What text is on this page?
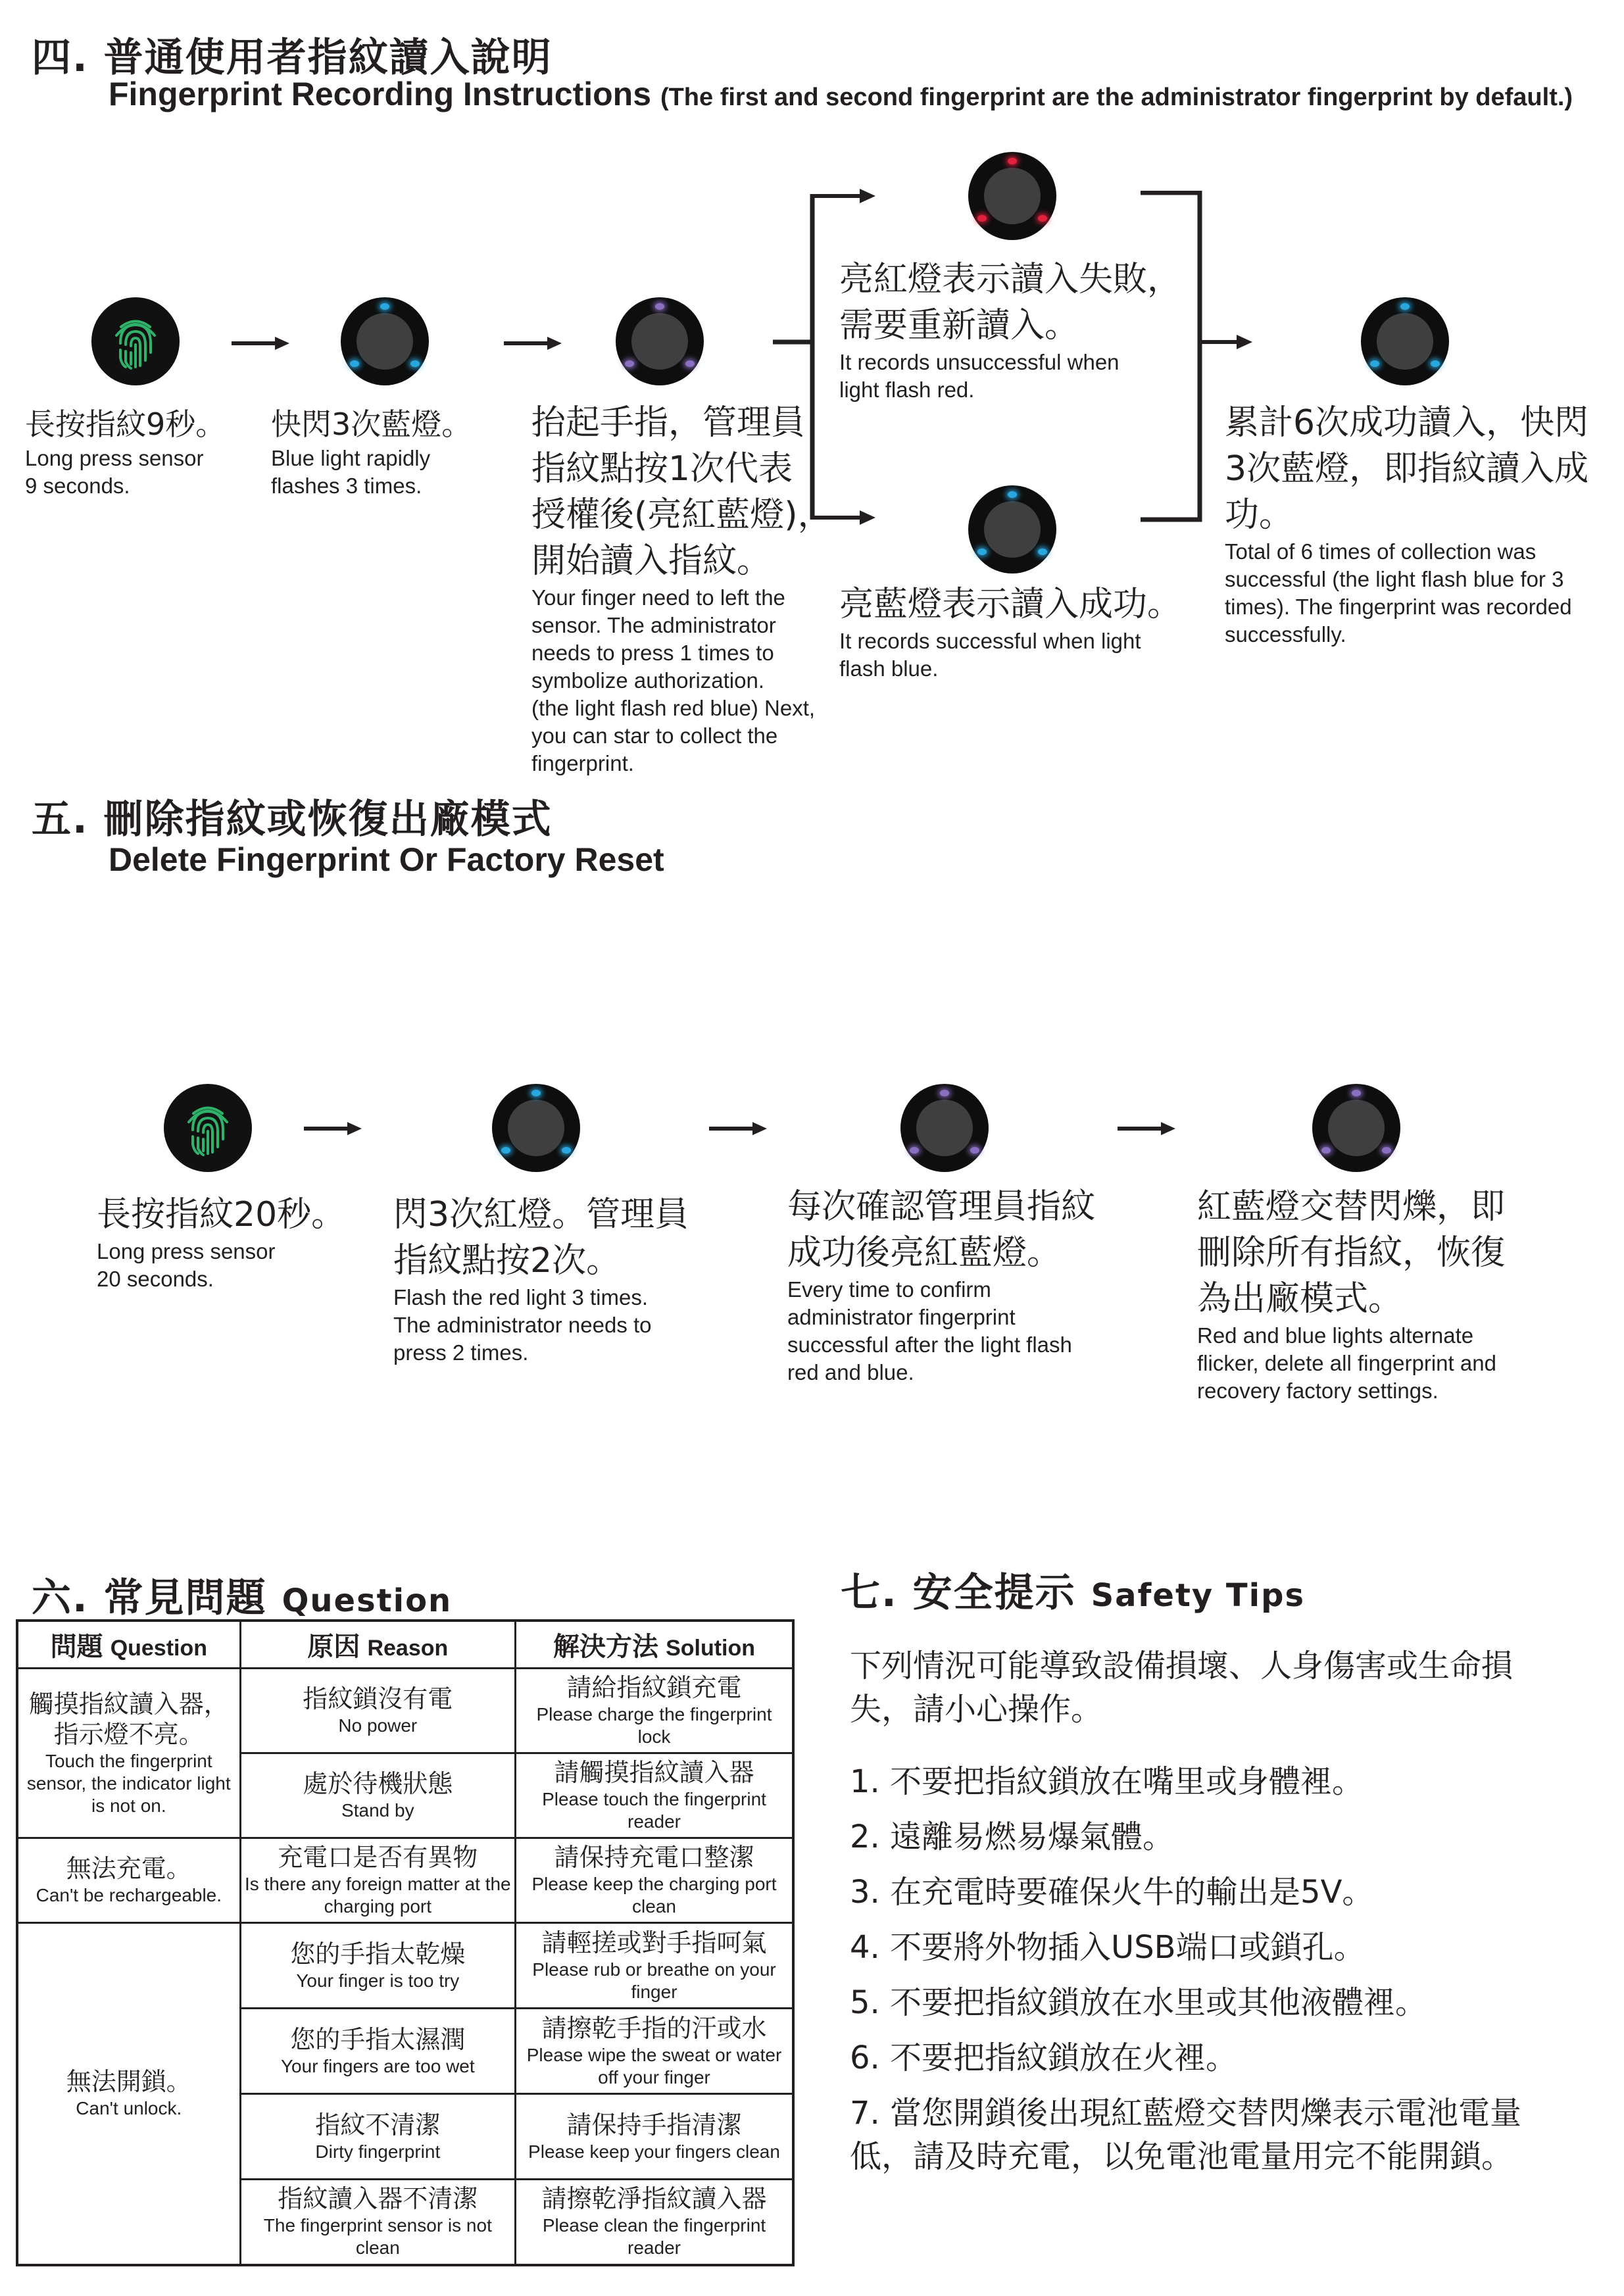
四. 普通使用者指紋讀入說明
Fingerprint Recording Instructions (The first and second fingerprint are the administrator fingerprint by default.)
長按指紋9秒。
Long press sensor
9 seconds.
快閃3次藍燈。
Blue light rapidly
flashes 3 times.
抬起手指，管理員
指紋點按1次代表
授權後(亮紅藍燈)，
開始讀入指紋。
Your finger need to left the
sensor. The administrator
needs to press 1 times to
symbolize authorization.
(the light flash red blue) Next,
you can star to collect the
fingerprint.
亮紅燈表示讀入失敗，
需要重新讀入。
It records unsuccessful when
light flash red.
亮藍燈表示讀入成功。
It records successful when light
flash blue.
累計6次成功讀入，快閃
3次藍燈，即指紋讀入成
功。
Total of 6 times of collection was
successful (the light flash blue for 3
times). The fingerprint was recorded
successfully.
五. 刪除指紋或恢復出廠模式
Delete Fingerprint Or Factory Reset
長按指紋20秒。
Long press sensor
20 seconds.
閃3次紅燈。管理員
指紋點按2次。
Flash the red light 3 times.
The administrator needs to
press 2 times.
每次確認管理員指紋
成功後亮紅藍燈。
Every time to confirm
administrator fingerprint
successful after the light flash
red and blue.
紅藍燈交替閃爍，即
刪除所有指紋，恢復
為出廠模式。
Red and blue lights alternate
flicker, delete all fingerprint and
recovery factory settings.
六. 常見問題 Question
問題 Question	原因 Reason	解決方法 Solution

觸摸指紋讀入器，指示燈不亮。
Touch the fingerprint sensor, the indicator light is not on.	指紋鎖沒有電
No power	請給指紋鎖充電
Please charge the fingerprint lock

	處於待機狀態
Stand by	請觸摸指紋讀入器
Please touch the fingerprint reader

無法充電。
Can't be rechargeable.	充電口是否有異物
Is there any foreign matter at the charging port	請保持充電口整潔
Please keep the charging port clean

無法開鎖。
Can't unlock.	您的手指太乾燥
Your finger is too try	請輕搓或對手指呵氣
Please rub or breathe on your finger

	您的手指太濕潤
Your fingers are too wet	請擦乾手指的汗或水
Please wipe the sweat or water off your finger

	指紋不清潔
Dirty fingerprint	請保持手指清潔
Please keep your fingers clean

	指紋讀入器不清潔
The fingerprint sensor is not clean	請擦乾淨指紋讀入器
Please clean the fingerprint reader
七. 安全提示 Safety Tips
下列情況可能導致設備損壞、人身傷害或生命損
失，請小心操作。
1. 不要把指紋鎖放在嘴里或身體裡。
2. 遠離易燃易爆氣體。
3. 在充電時要確保火牛的輸出是5V。
4. 不要將外物插入USB端口或鎖孔。
5. 不要把指紋鎖放在水里或其他液體裡。
6. 不要把指紋鎖放在火裡。
7. 當您開鎖後出現紅藍燈交替閃爍表示電池電量
低，請及時充電，以免電池電量用完不能開鎖。
